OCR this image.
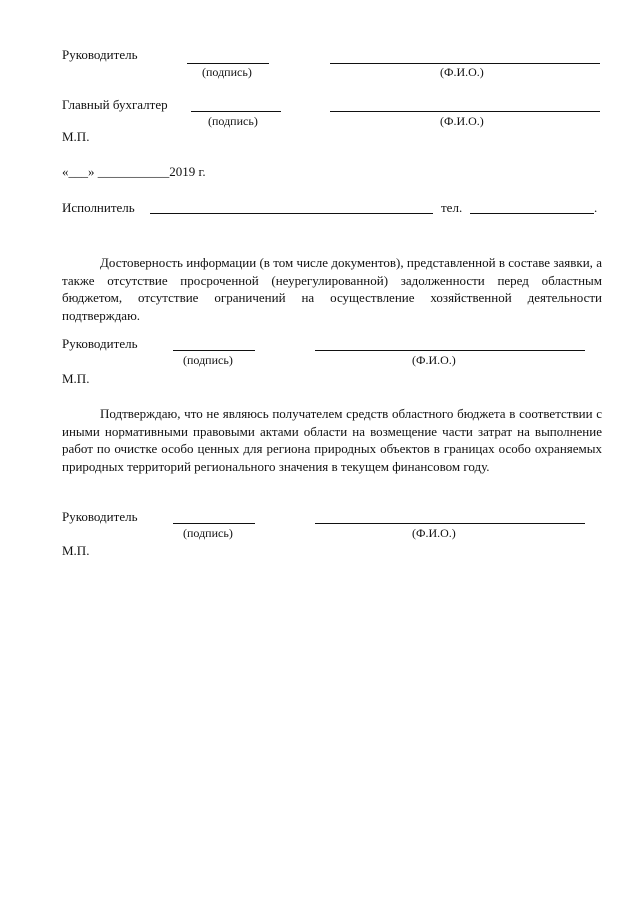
Руководитель
(подпись)	(Ф.И.О.)
Главный бухгалтер
(подпись)	(Ф.И.О.)
М.П.
«___» ___________2019 г.
Исполнитель	тел.	.
Достоверность информации (в том числе документов), представленной в составе заявки, а также отсутствие просроченной (неурегулированной) задолженности перед областным бюджетом, отсутствие ограничений на осуществление хозяйственной деятельности подтверждаю.
Руководитель
(подпись)	(Ф.И.О.)
М.П.
Подтверждаю, что не являюсь получателем средств областного бюджета в соответствии с иными нормативными правовыми актами области на возмещение части затрат на выполнение работ по очистке особо ценных для региона природных объектов в границах особо охраняемых природных территорий регионального значения в текущем финансовом году.
Руководитель
(подпись)	(Ф.И.О.)
М.П.
